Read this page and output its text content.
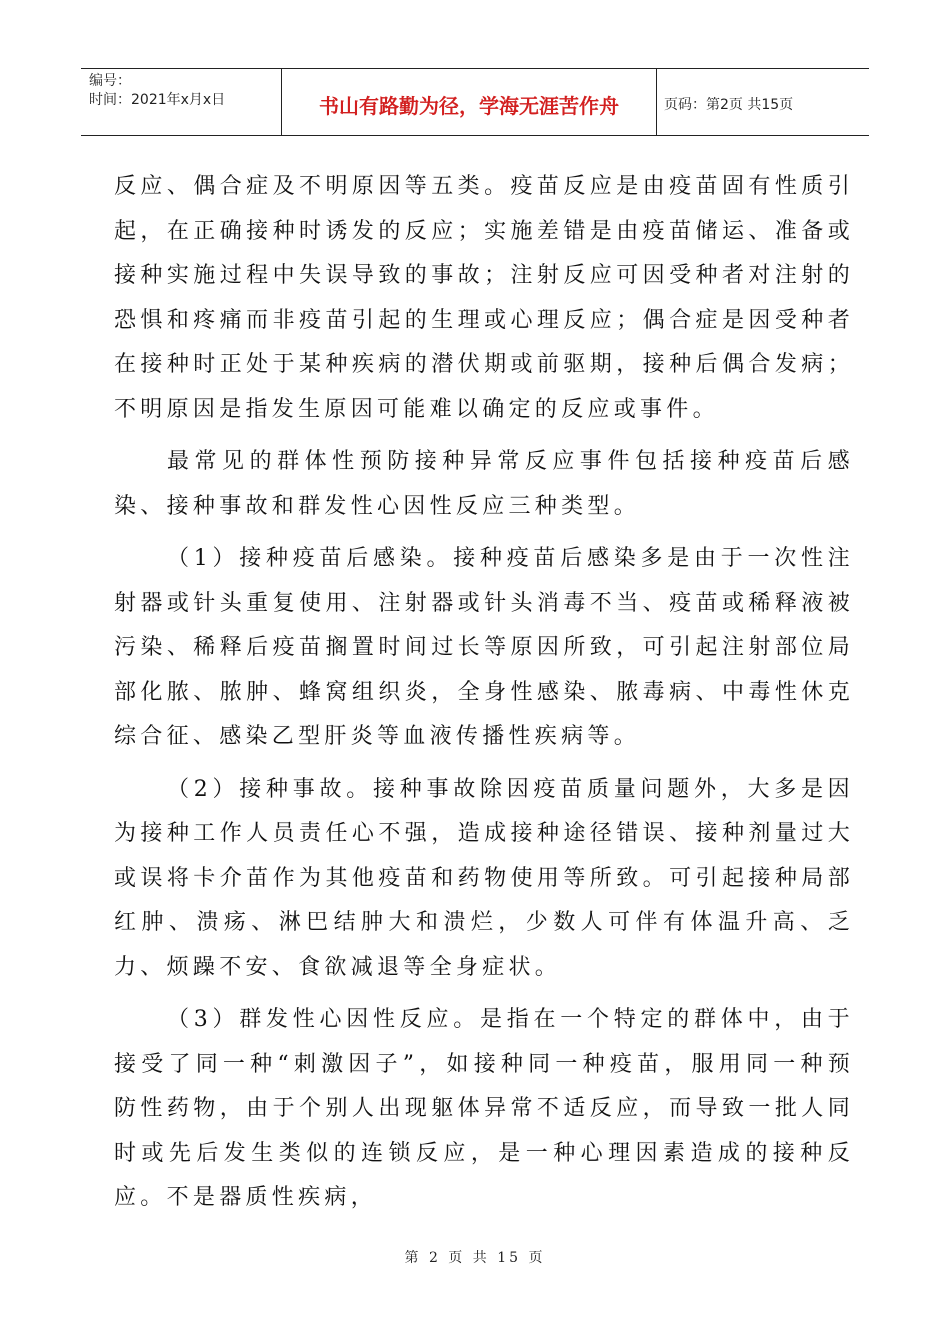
编号：
时间：2021年x月x日	书山有路勤为径，学海无涯苦作舟	页码：第2页 共15页

反应、偶合症及不明原因等五类。疫苗反应是由疫苗固有性质引起，在正确接种时诱发的反应；实施差错是由疫苗储运、准备或接种实施过程中失误导致的事故；注射反应可因受种者对注射的恐惧和疼痛而非疫苗引起的生理或心理反应；偶合症是因受种者在接种时正处于某种疾病的潜伏期或前驱期，接种后偶合发病；不明原因是指发生原因可能难以确定的反应或事件。

最常见的群体性预防接种异常反应事件包括接种疫苗后感染、接种事故和群发性心因性反应三种类型。

（1）接种疫苗后感染。接种疫苗后感染多是由于一次性注射器或针头重复使用、注射器或针头消毒不当、疫苗或稀释液被污染、稀释后疫苗搁置时间过长等原因所致，可引起注射部位局部化脓、脓肿、蜂窝组织炎，全身性感染、脓毒病、中毒性休克综合征、感染乙型肝炎等血液传播性疾病等。

（2）接种事故。接种事故除因疫苗质量问题外，大多是因为接种工作人员责任心不强，造成接种途径错误、接种剂量过大或误将卡介苗作为其他疫苗和药物使用等所致。可引起接种局部红肿、溃疡、淋巴结肿大和溃烂，少数人可伴有体温升高、乏力、烦躁不安、食欲减退等全身症状。

（3）群发性心因性反应。是指在一个特定的群体中，由于接受了同一种“刺激因子”，如接种同一种疫苗，服用同一种预防性药物，由于个别人出现躯体异常不适反应，而导致一批人同时或先后发生类似的连锁反应，是一种心理因素造成的接种反应。不是器质性疾病，

第 2 页 共 15 页
